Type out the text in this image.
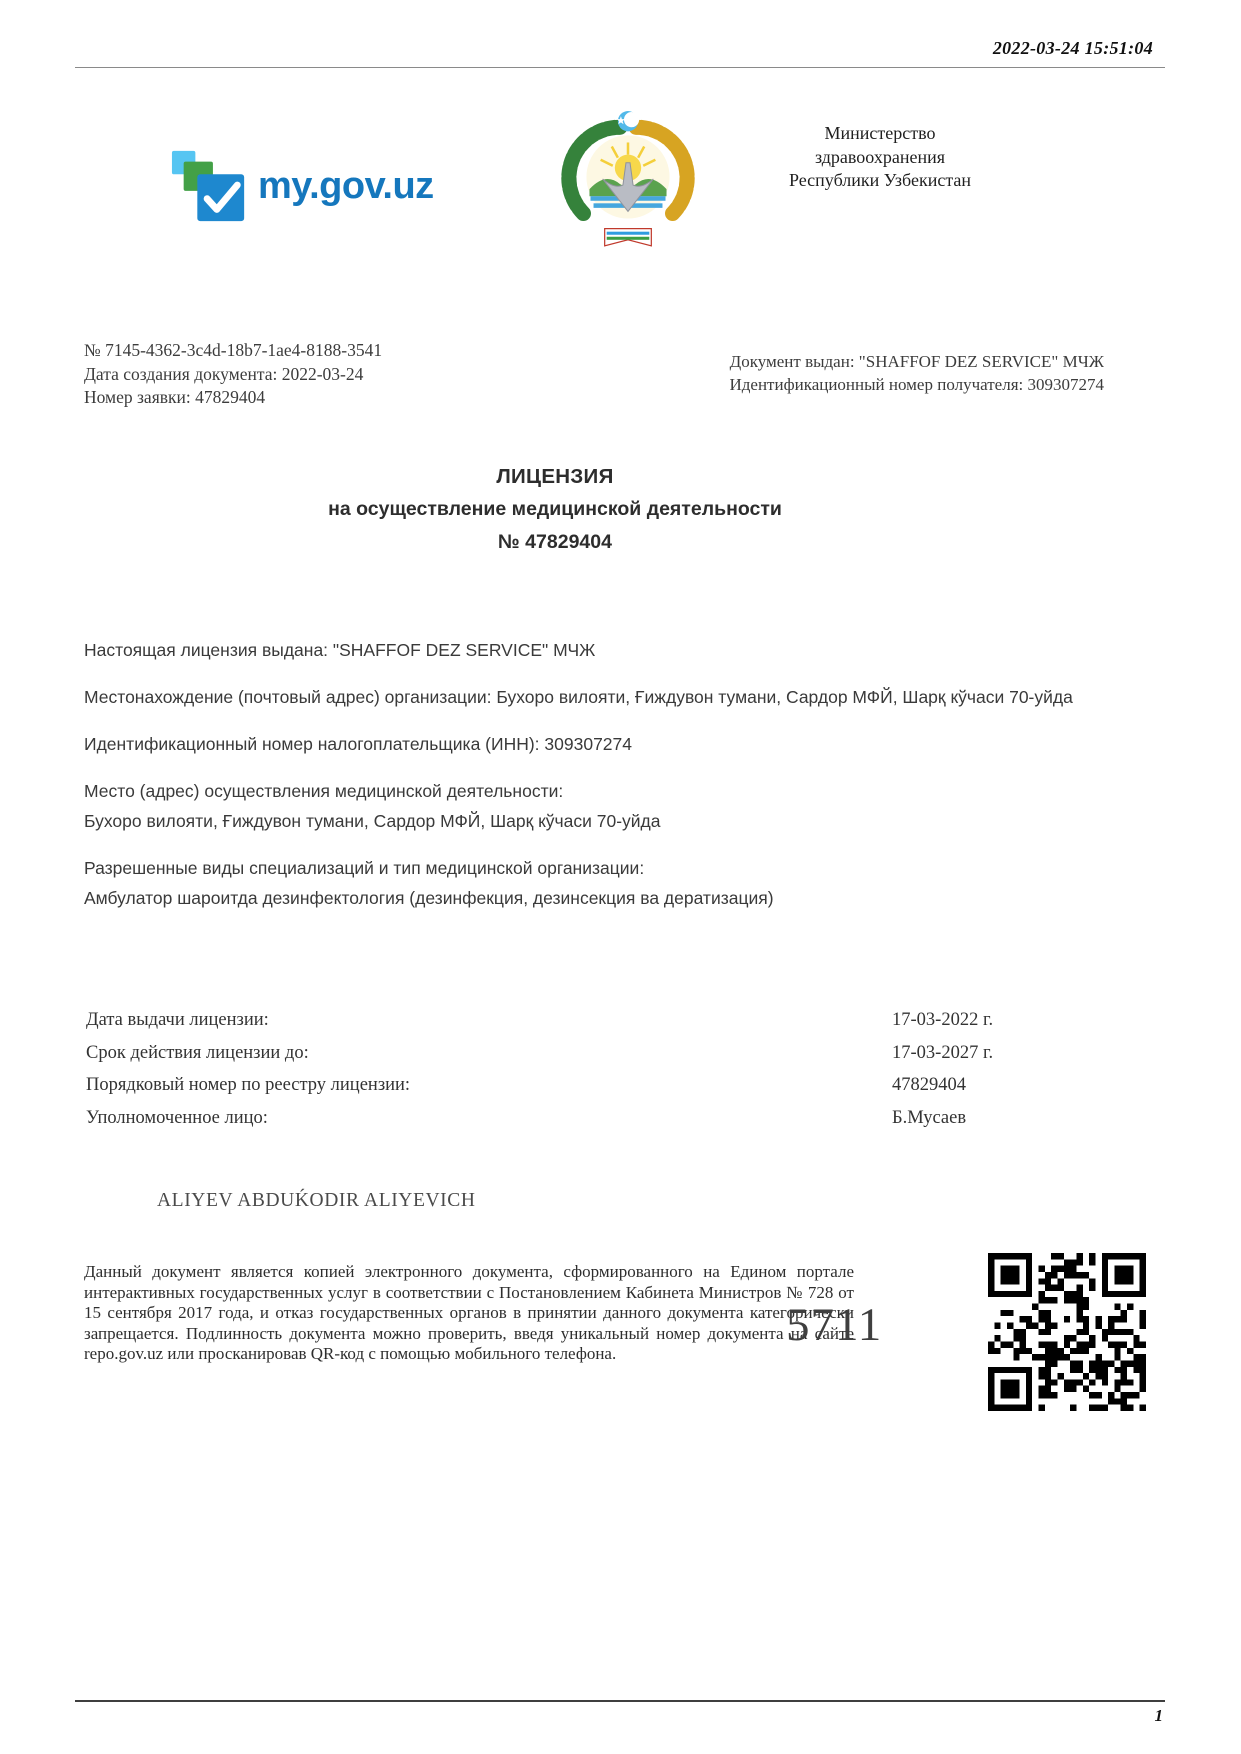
2022-03-24 15:51:04
my.gov.uz
Министерство
здравоохранения
Республики Узбекистан
№ 7145-4362-3c4d-18b7-1ae4-8188-3541
Дата создания документа: 2022-03-24
Номер заявки: 47829404
Документ выдан: "SHAFFOF DEZ SERVICE" МЧЖ
Идентификационный номер получателя: 309307274
ЛИЦЕНЗИЯ
на осуществление медицинской деятельности
№ 47829404

Настоящая лицензия выдана: "SHAFFOF DEZ SERVICE" МЧЖ

Местонахождение (почтовый адрес) организации: Бухоро вилояти, Ғиждувон тумани, Сардор МФЙ, Шарқ кўчаси 70-уйда

Идентификационный номер налогоплательщика (ИНН): 309307274

Место (адрес) осуществления медицинской деятельности:
Бухоро вилояти, Ғиждувон тумани, Сардор МФЙ, Шарқ кўчаси 70-уйда

Разрешенные виды специализаций и тип медицинской организации:
Амбулатор шароитда дезинфектология (дезинфекция, дезинсекция ва дератизация)

Дата выдачи лицензии:	17-03-2022 г.
Срок действия лицензии до:	17-03-2027 г.
Порядковый номер по реестру лицензии:	47829404
Уполномоченное лицо:	Б.Мусаев
ALIYEV ABDUḰODIR ALIYEVICH
Данный документ является копией электронного документа, сформированного на Едином портале интерактивных государственных услуг в соответствии с Постановлением Кабинета Министров № 728 от 15 сентября 2017 года, и отказ государственных органов в принятии данного документа категорически запрещается. Подлинность документа можно проверить, введя уникальный номер документа на сайте repo.gov.uz или просканировав QR-код с помощью мобильного телефона.
5711
1
